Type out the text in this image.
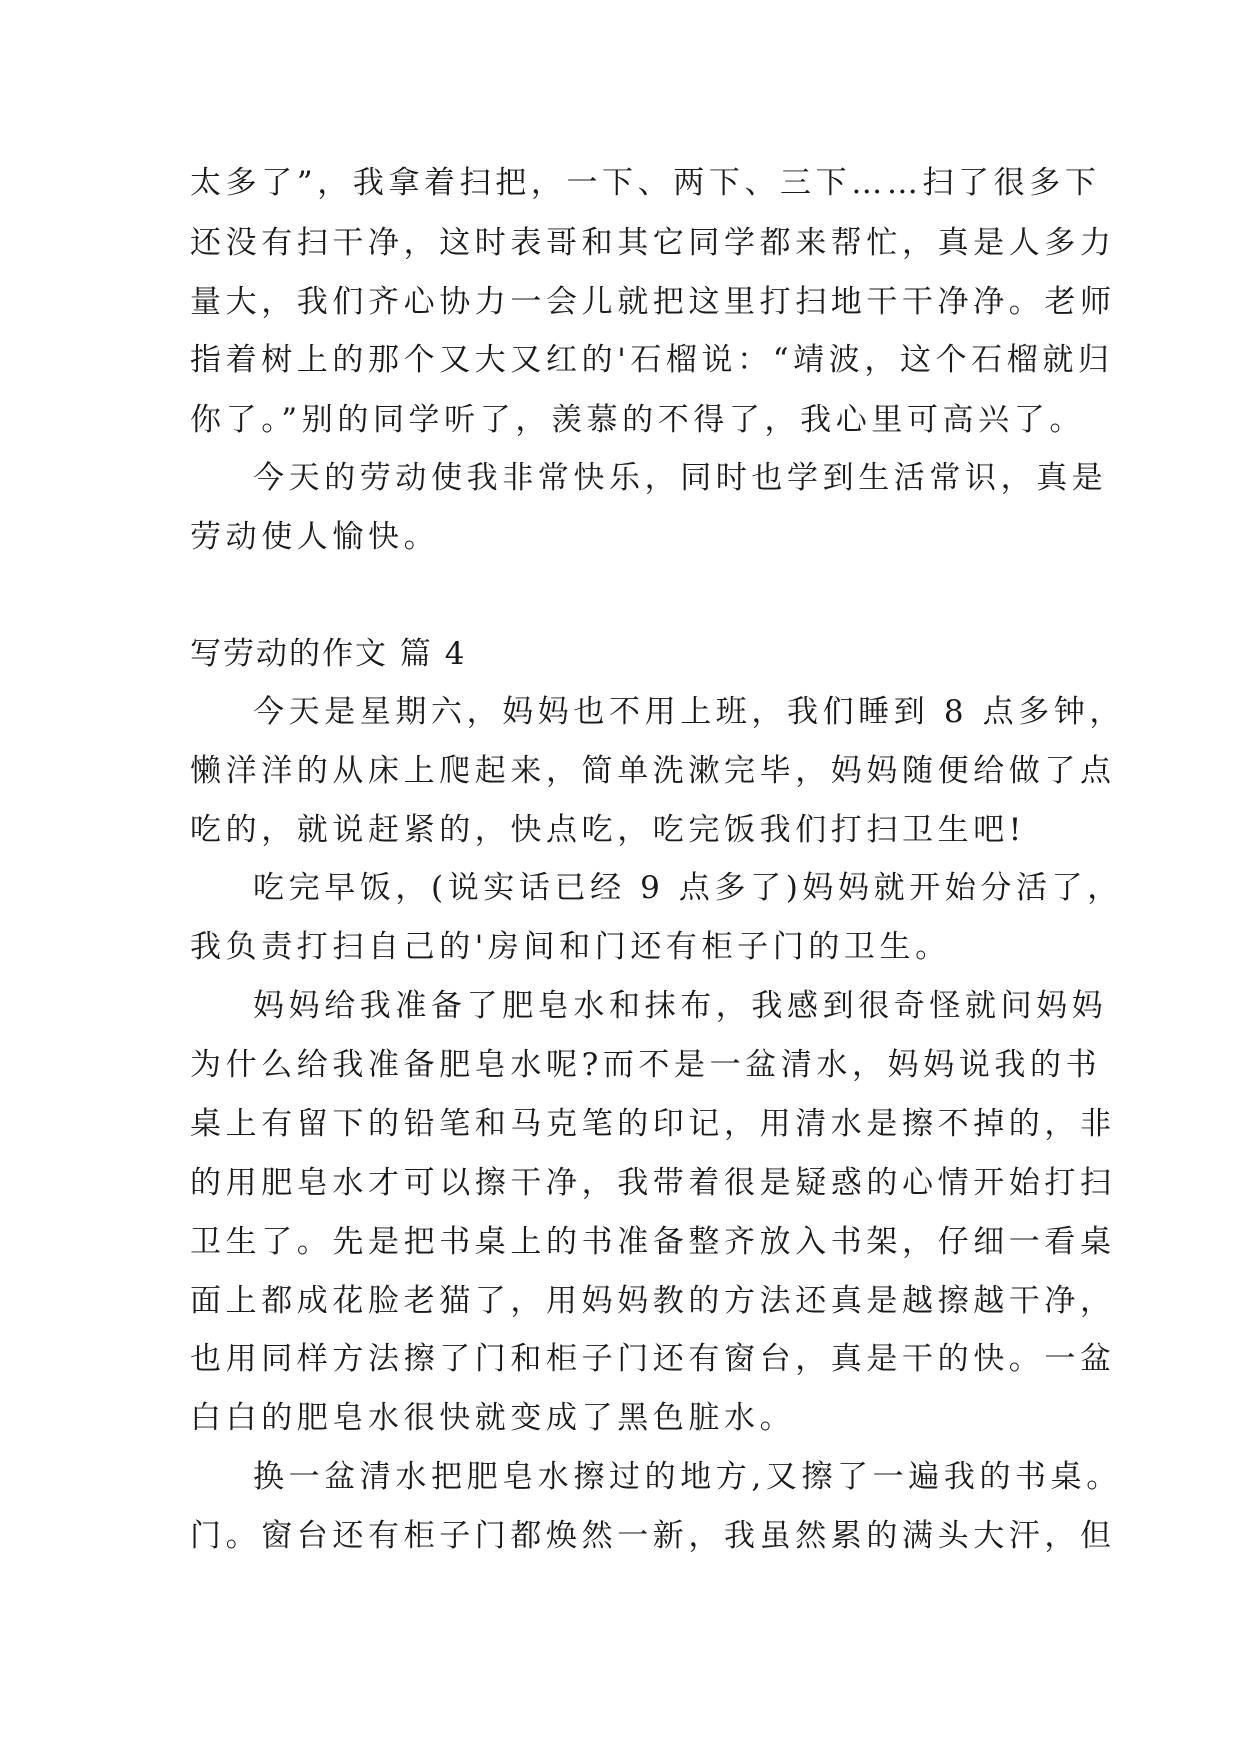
太多了”，我拿着扫把，一下、两下、三下……扫了很多下
还没有扫干净，这时表哥和其它同学都来帮忙，真是人多力
量大，我们齐心协力一会儿就把这里打扫地干干净净。老师
指着树上的那个又大又红的'石榴说：“靖波，这个石榴就归
你了。”别的同学听了，羡慕的不得了，我心里可高兴了。
今天的劳动使我非常快乐，同时也学到生活常识，真是
劳动使人愉快。
写劳动的作文 篇 4
今天是星期六，妈妈也不用上班，我们睡到 8 点多钟，
懒洋洋的从床上爬起来，简单洗漱完毕，妈妈随便给做了点
吃的，就说赶紧的，快点吃，吃完饭我们打扫卫生吧!
吃完早饭，(说实话已经 9 点多了)妈妈就开始分活了，
我负责打扫自己的'房间和门还有柜子门的卫生。
妈妈给我准备了肥皂水和抹布，我感到很奇怪就问妈妈
为什么给我准备肥皂水呢?而不是一盆清水，妈妈说我的书
桌上有留下的铅笔和马克笔的印记，用清水是擦不掉的，非
的用肥皂水才可以擦干净，我带着很是疑惑的心情开始打扫
卫生了。先是把书桌上的书准备整齐放入书架，仔细一看桌
面上都成花脸老猫了，用妈妈教的方法还真是越擦越干净，
也用同样方法擦了门和柜子门还有窗台，真是干的快。一盆
白白的肥皂水很快就变成了黑色脏水。
换一盆清水把肥皂水擦过的地方,又擦了一遍我的书桌。
门。窗台还有柜子门都焕然一新，我虽然累的满头大汗，但
